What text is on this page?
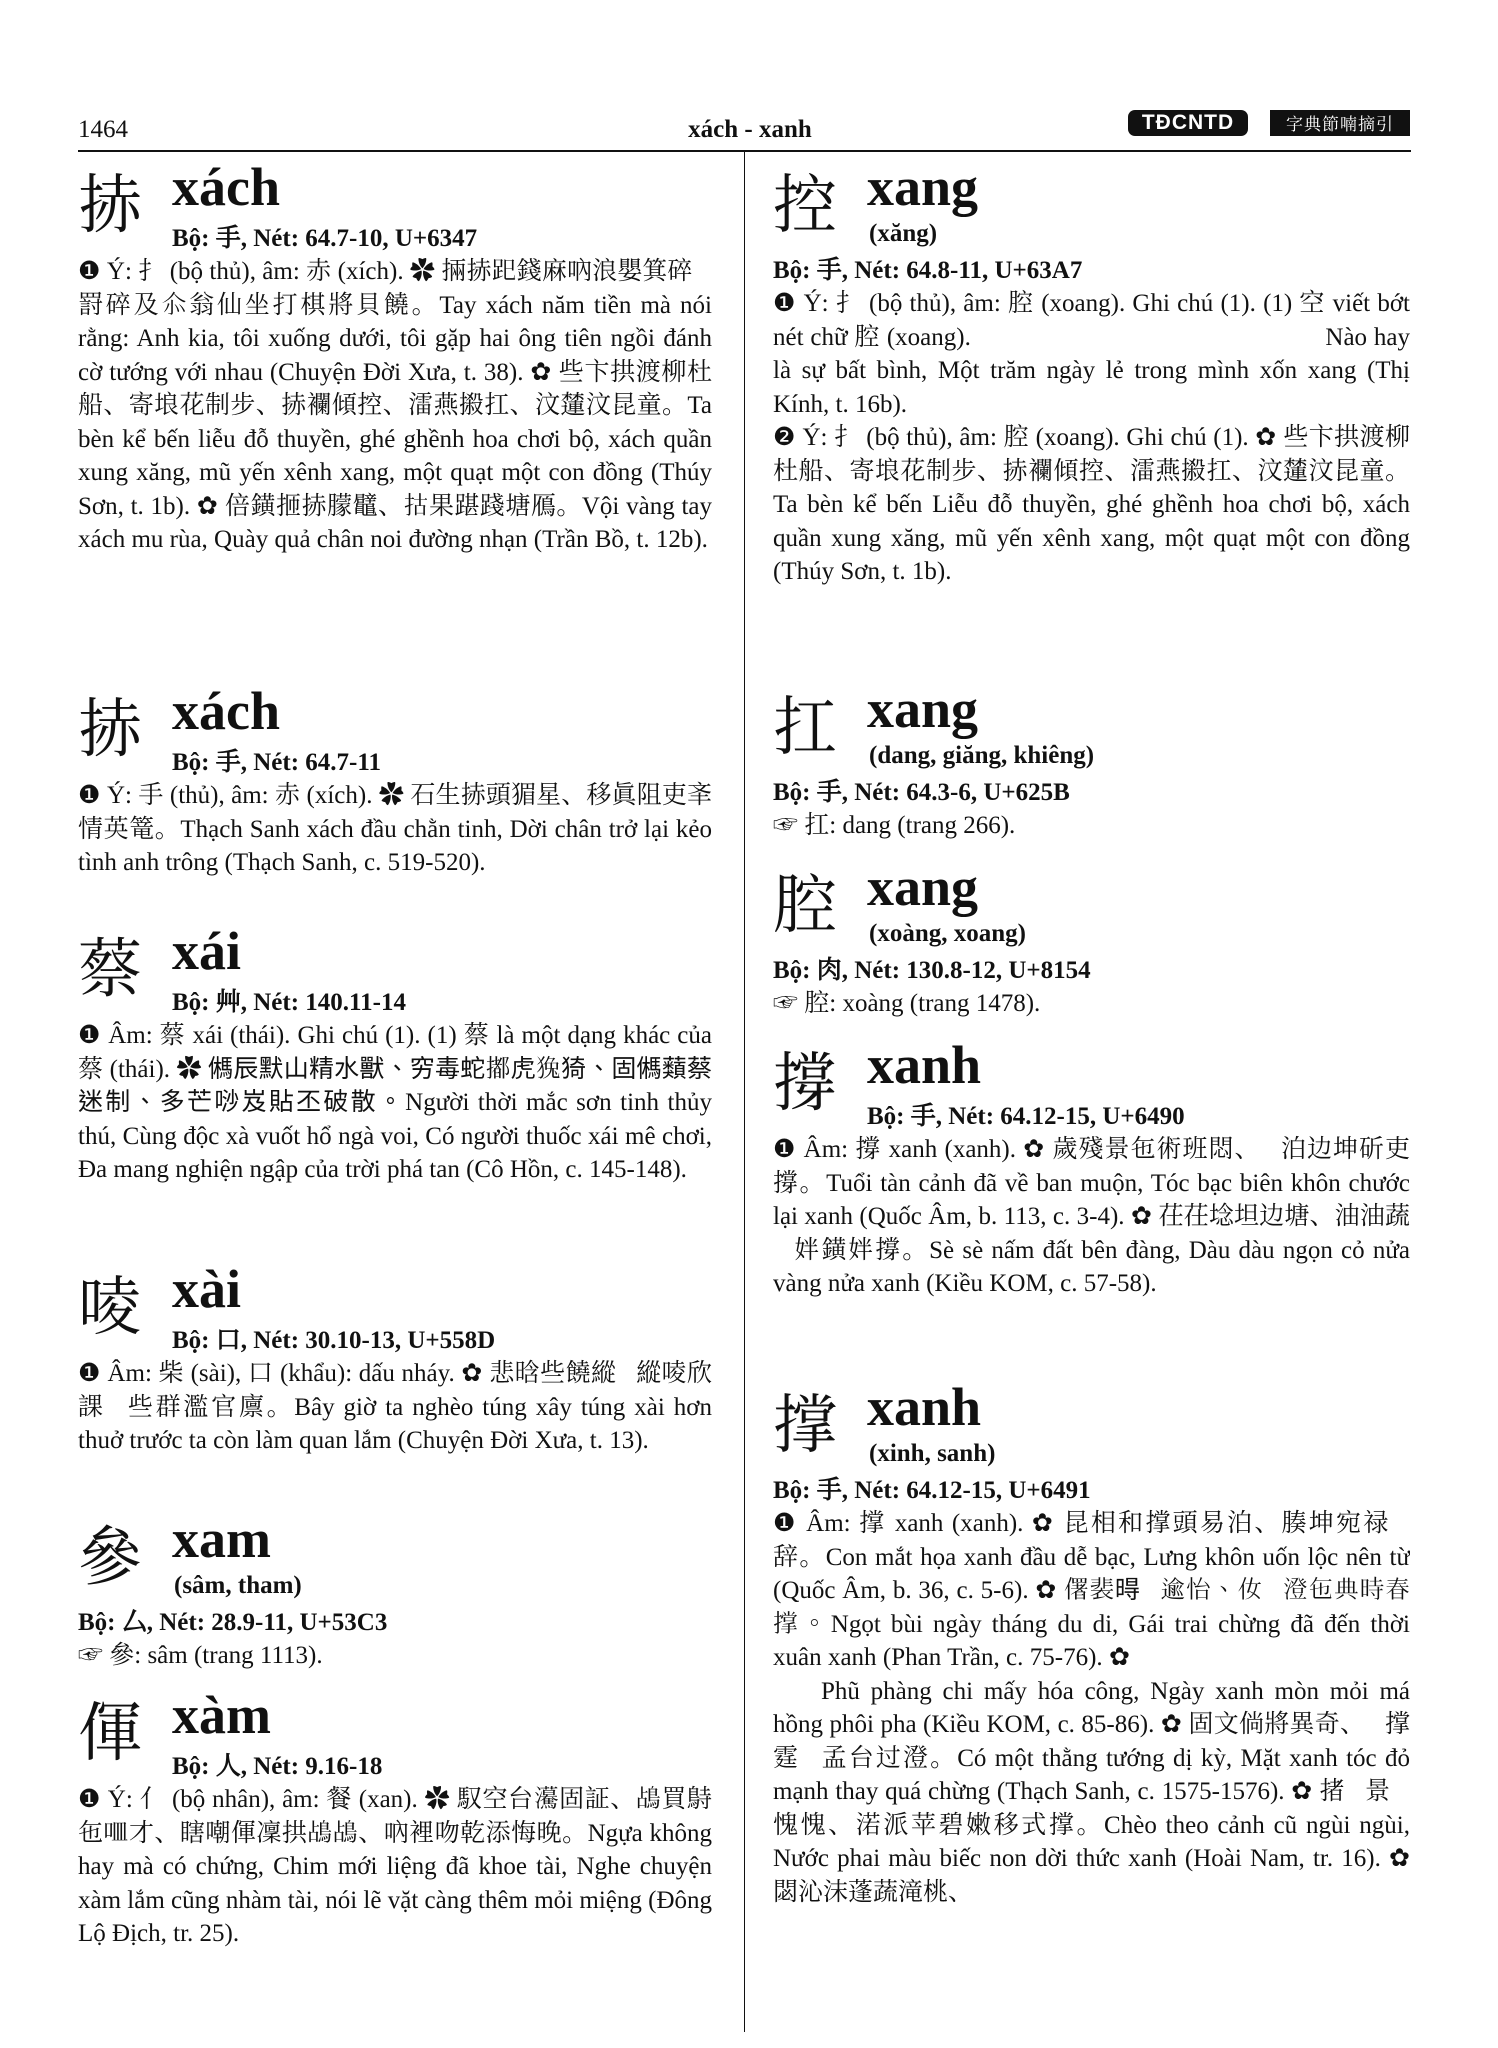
1464	xách - xanh	TĐCNTD	字典節喃摘引
捇 xách
Bộ: 手, Nét: 64.7-10, U+6347
❶ Ý: 扌 (bộ thủ), âm: 赤 (xích). ✿ 掚捇𧿆錢麻吶浪嬰箕碎𠽆罸碎及𠇍翁仙坐打棋將貝饒。Tay xách năm tiền mà nói rằng: Anh kia, tôi xuống dưới, tôi gặp hai ông tiên ngồi đánh cờ tướng với nhau (Chuyện Đời Xưa, t. 38). ✿ 些卞拱渡柳杜船、寄埌花制步、捇襴傾控、㵢燕摋扛、汶㰈汶昆童。Ta bèn kể bến liễu đỗ thuyền, ghé ghềnh hoa chơi bộ, xách quần xung xăng, mũ yến xênh xang, một quạt một con đồng (Thúy Sơn, t. 1b). ✿ 倍鐄㧜捇朦鼊、𢫈果踸踐塘鴈。Vội vàng tay xách mu rùa, Quày quả chân noi đường nhạn (Trần Bồ, t. 12b).
捇 xách
Bộ: 手, Nét: 64.7-11
❶ Ý: 手 (thủ), âm: 赤 (xích). ✿ 石生捇頭猸星、移眞阻吏㪯情英篭。Thạch Sanh xách đầu chằn tinh, Dời chân trở lại kẻo tình anh trông (Thạch Sanh, c. 519-520).
蔡 xái
Bộ: 艸, Nét: 140.11-14
❶ Âm: 蔡 xái (thái). Ghi chú (1). (1) 蔡 là một dạng khác của 蔡 (thái). ✿ 𩢮辰默山精水獸、穷毒蛇𢵋虎𤟛猗、固𩢮蘱蔡迷制、多芒唦岌貼丕破散。Người thời mắc sơn tinh thủy thú, Cùng độc xà vuốt hổ ngà voi, Có người thuốc xái mê chơi, Đa mang nghiện ngập của trời phá tan (Cô Hồn, c. 145-148).
㖫 xài
Bộ: 口, Nét: 30.10-13, U+558D
❶ Âm: 柴 (sài), 口 (khẩu): dấu nháy. ✿ 悲晗些饒縱𨁲縱㖫欣課𠸗些群濫官廪。Bây giờ ta nghèo túng xây túng xài hơn thuở trước ta còn làm quan lắm (Chuyện Đời Xưa, t. 13).
參 xam
(sâm, tham)
Bộ: 厶, Nét: 28.9-11, U+53C3
☞ 參: sâm (trang 1113).
㑮 xàm
Bộ: 人, Nét: 9.16-18
❶ Ý: 亻 (bộ nhân), âm: 餐 (xan). ✿ 馭空台𤅠固証、𪀄買𪀔㐌𠰘才、瞎嘲㑮凜拱𪀄𪀄、吶裡吻乾添悔晚。Ngựa không hay mà có chứng, Chim mới liệng đã khoe tài, Nghe chuyện xàm lắm cũng nhàm tài, nói lẽ vặt càng thêm mỏi miệng (Đông Lộ Địch, tr. 25).
控 xang
(xăng)
Bộ: 手, Nét: 64.8-11, U+63A7
❶ Ý: 扌 (bộ thủ), âm: 腔 (xoang). Ghi chú (1). (1) 空 viết bớt nét chữ 腔 (xoang). ✿ 𠁀哈罕事不平、𤾓霖𠰘𥚄冲躬寸控。Nào hay là sự bất bình, Một trăm ngày lẻ trong mình xốn xang (Thị Kính, t. 16b).
❷ Ý: 扌 (bộ thủ), âm: 腔 (xoang). Ghi chú (1). ✿ 些卞拱渡柳杜船、寄埌花制步、捇襴傾控、㵢燕摋扛、汶㰈汶昆童。Ta bèn kể bến Liễu đỗ thuyền, ghé ghềnh hoa chơi bộ, xách quần xung xăng, mũ yến xênh xang, một quạt một con đồng (Thúy Sơn, t. 1b).
扛 xang
(dang, giăng, khiêng)
Bộ: 手, Nét: 64.3-6, U+625B
☞ 扛: dang (trang 266).
腔 xang
(xoàng, xoang)
Bộ: 肉, Nét: 130.8-12, U+8154
☞ 腔: xoàng (trang 1478).
撐 xanh
Bộ: 手, Nét: 64.12-15, U+6490
❶ Âm: 撐 xanh (xanh). ✿ 歲殘景㐌術班悶、𩯀泊边坤斫吏撐。Tuổi tàn cảnh đã về ban muộn, Tóc bạc biên khôn chước lại xanh (Quốc Âm, b. 113, c. 3-4). ✿ 茌茌埝坦边塘、油油蔬𩅘姅鐄姅撐。Sè sè nấm đất bên đàng, Dàu dàu ngọn cỏ nửa vàng nửa xanh (Kiều KOM, c. 57-58).
撑 xanh
(xinh, sanh)
Bộ: 手, Nét: 64.12-15, U+6491
❶ Âm: 撑 xanh (xanh). ✿ 昆相和撑頭易泊、腠坤宛禄𨍦辞。Con mắt họa xanh đầu dễ bạc, Lưng khôn uốn lộc nên từ (Quốc Âm, b. 36, c. 5-6). ✿ 𠏲裴𣈜𦝄逾怡、㚢𪥘澄㐌典時春撑。Ngọt bùi ngày tháng du di, Gái trai chừng đã đến thời xuân xanh (Phan Trần, c. 75-76). ✿ 𢬣傍之余化工、𣈜撑疒瘦馬紅配坡。Phũ phàng chi mấy hóa công, Ngày xanh mòn mỏi má hồng phôi pha (Kiều KOM, c. 85-86). ✿ 固文倘將異奇、𩯀撑霆𪀄孟台过澄。Có một thằng tướng dị kỳ, Mặt xanh tóc đỏ mạnh thay quá chừng (Thạch Sanh, c. 1575-1576). ✿ 㨋𠹾景𩙍愧愧、渃派苹碧嫩移式撑。Chèo theo cảnh cũ ngùi ngùi, Nước phai màu biếc non dời thức xanh (Hoài Nam, tr. 16). ✿ 閟沁沫蓬蔬滝桃、
